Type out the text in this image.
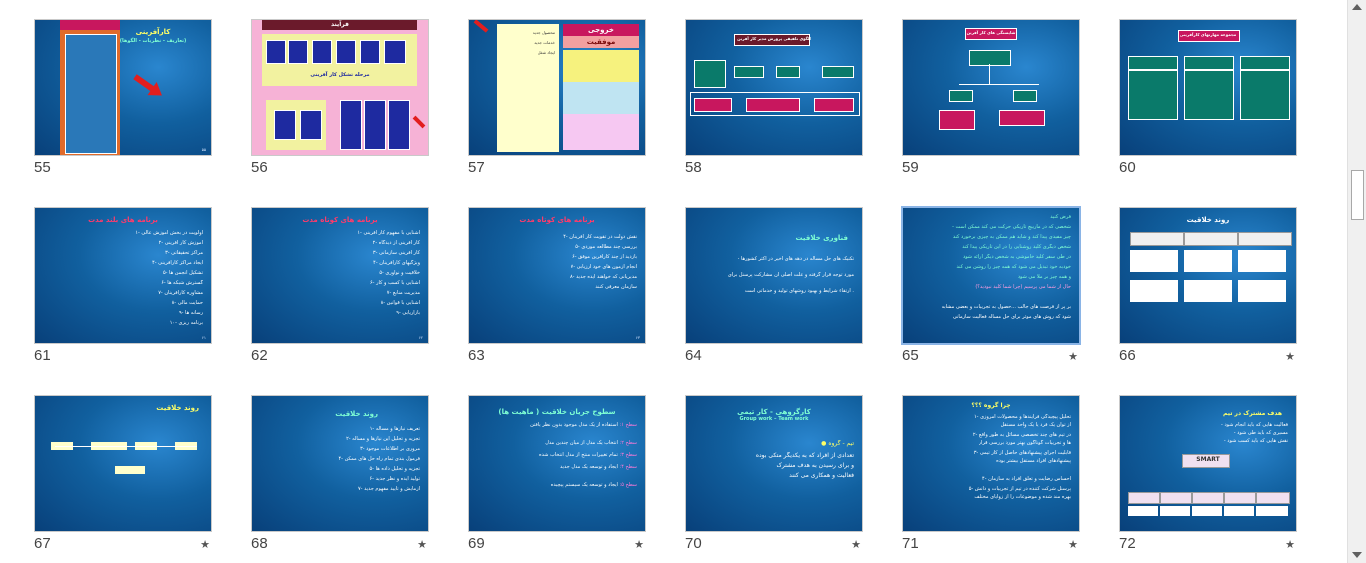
کارآفرینی
(تعاریف - نظریات - الگوها)
۵۵
55
فرآیند
مرحله تشکل کار آفرینی
56
محصول جدید
خدمات جدید
ایجاد شغل
خروجی
موفقیت
57
الگوی تلفیقی پرورش مدیر کار آفرین
58
شایستگی های کار آفرین
59
مجموعه مهارتهای کارآفرینی
60
برنامه های بلند مدت
۱- اولویت در بخش آموزش عالی
۲- آموزش کار آفرینی
۳- مراکز تحقیقاتی
۴- ایجاد مراکز کارآفرینی
۵- تشکیل انجمن ها
۶- گسترش شبکه ها
۷- مشاوره کارآفرینان
۸- حمایت مالی
۹- رسانه ها
۱۰- برنامه ریزی
۶۱
61
برنامه های کوتاه مدت
۱- آشنایی با مفهوم کار آفرینی
۲- کار آفرینی از دیدگاه
۳- کار آفرینی سازمانی
۴- ویژگیهای کارآفرینان
۵- خلاقیت و نوآوری
۶- آشنایی با کسب و کار
۷- مدیریت منابع
۸- آشنایی با قوانین
۹- بازاریابی
۶۲
62
برنامه های کوتاه مدت
۴- نقش دولت در تقویت کار آفرینان
۵- بررسی چند مطالعه موردی
۶- بازدید از چند کارآفرین موفق
۷- انجام آزمون های خود ارزیابی
۸- مدیریانی که خواهند ایده جدید
سازمان معرفی کنند
۶۳
63
فناوری خلاقیت
- تکنیک های حل مساله در دهه های اخیر در اکثر کشورها
مورد توجه قرار گرفته و علت اصلی آن مشارکت پرسنل برای
ارتقاء شرایط و بهبود روشهای تولید و خدماتی است .
64
فرض کنید
- شخصی که در ماربیچ تاریکی حرکت می کند ممکن است
چیز مفیدی پیدا کند و شاید هم ممکن به چیزی برخورد کند
شخص دیگری کلید روشنایی را در این تاریکی پیدا کند
در طی سفر کلید خاموشی به شخص دیگر ارائه شود
خودبه خود تبدیل می شود که همه چیز را روشن می کند
و همه چیز بر ملا می شود
حال از شما می پرسیم (چرا شما کلید نبودید؟)
بر پر از فرصت های جالب ...حصول به تجربیات و بعضی مشابه
شود که روش های موثر برای حل مساله فعالیت سازمانی
65	★
روند خلاقیت
66	★
روند خلاقیت
67	★
روند خلاقیت
۱- تعریف نیازها و مساله
۲- تجزیه و تحلیل این نیازها و مساله
۳- مروری بر اطلاعات موجود
۴- فرمول بندی تمام راه حل های ممکن
۵- تجزیه و تحلیل داده ها
۶- تولید ایده و نظر جدید
۷- آزمایش و تایید مفهوم جدید
68	★
سطوح جریان خلاقیت ( ماهیت ها)
سطح ۱: استفاده از یک مدل موجود بدون نظر یافتن
سطح ۲: انتخاب یک مدل از میان چندین مدل
سطح ۳: تمام تغییرات منتج از مدل انتخاب شده
سطح ۴: ایجاد و توسعه یک مدل جدید
سطح ۵: ایجاد و توسعه یک سیستم پیچیده
69	★
کارگروهی - کار تیمی
Group work – Team work
● تیم - گروه
تعدادی از افراد که به یکدیگر متکی بوده
و برای رسیدن به هدف مشترک
فعالیت و همکاری می کنند
70	★
چرا گروه ؟؟؟
۱- تحلیل پیچیدگی فرآیندها و محصولات امروزی
از توان یک فرد یا یک واحد مستقل
۲- در تیم های چند تخصصی مسائل به طور واقع
ها و تجربیات گوناگون بهتر مورد بررسی قرار
۳- قابلیت اجرای پیشنهادهای حاصل از کار تیمی
پیشنهادهای افراد مستقل بیشتر بوده
۴- احساس رضایت و تعلق افراد به سازمان
۵- پرسنل شرکت کننده در تیم از تجربیات و دانش
بهره مند شده و موضوعات را از زوایای مختلف
71	★
هدف مشترک در تیم
- فعالیت هایی که باید انجام شود
- مسیری که باید طی شود
- نقش هایی که باید کسب شود
SMART
72	★
